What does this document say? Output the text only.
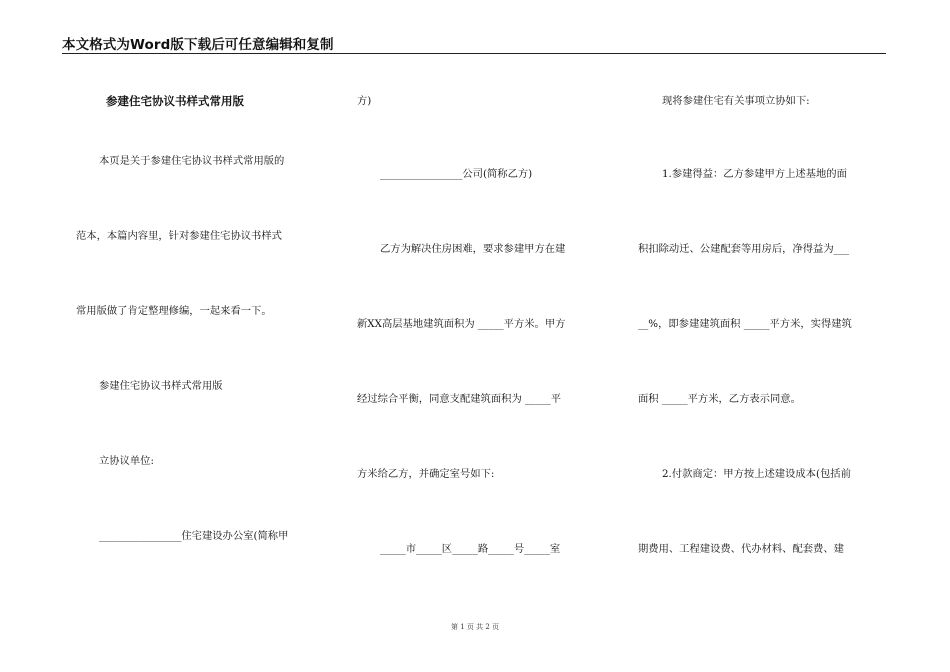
本文格式为Word版下载后可任意编辑和复制
参建住宅协议书样式常用版
本页是关于参建住宅协议书样式常用版的
范本，本篇内容里，针对参建住宅协议书样式
常用版做了肯定整理修编，一起来看一下。
参建住宅协议书样式常用版
立协议单位:
________________住宅建设办公室(简称甲
方)
________________公司(简称乙方)
乙方为解决住房困难，要求参建甲方在建
新XX高层基地建筑面积为 _____平方米。甲方
经过综合平衡，同意支配建筑面积为 _____平
方米给乙方，并确定室号如下:
_____市_____区_____路_____号_____室
现将参建住宅有关事项立协如下:
1.参建得益：乙方参建甲方上述基地的面
积扣除动迁、公建配套等用房后，净得益为___
__%，即参建建筑面积 _____平方米，实得建筑
面积 _____平方米，乙方表示同意。
2.付款商定：甲方按上述建设成本(包括前
期费用、工程建设费、代办材料、配套费、建
第 1 页 共 2 页
